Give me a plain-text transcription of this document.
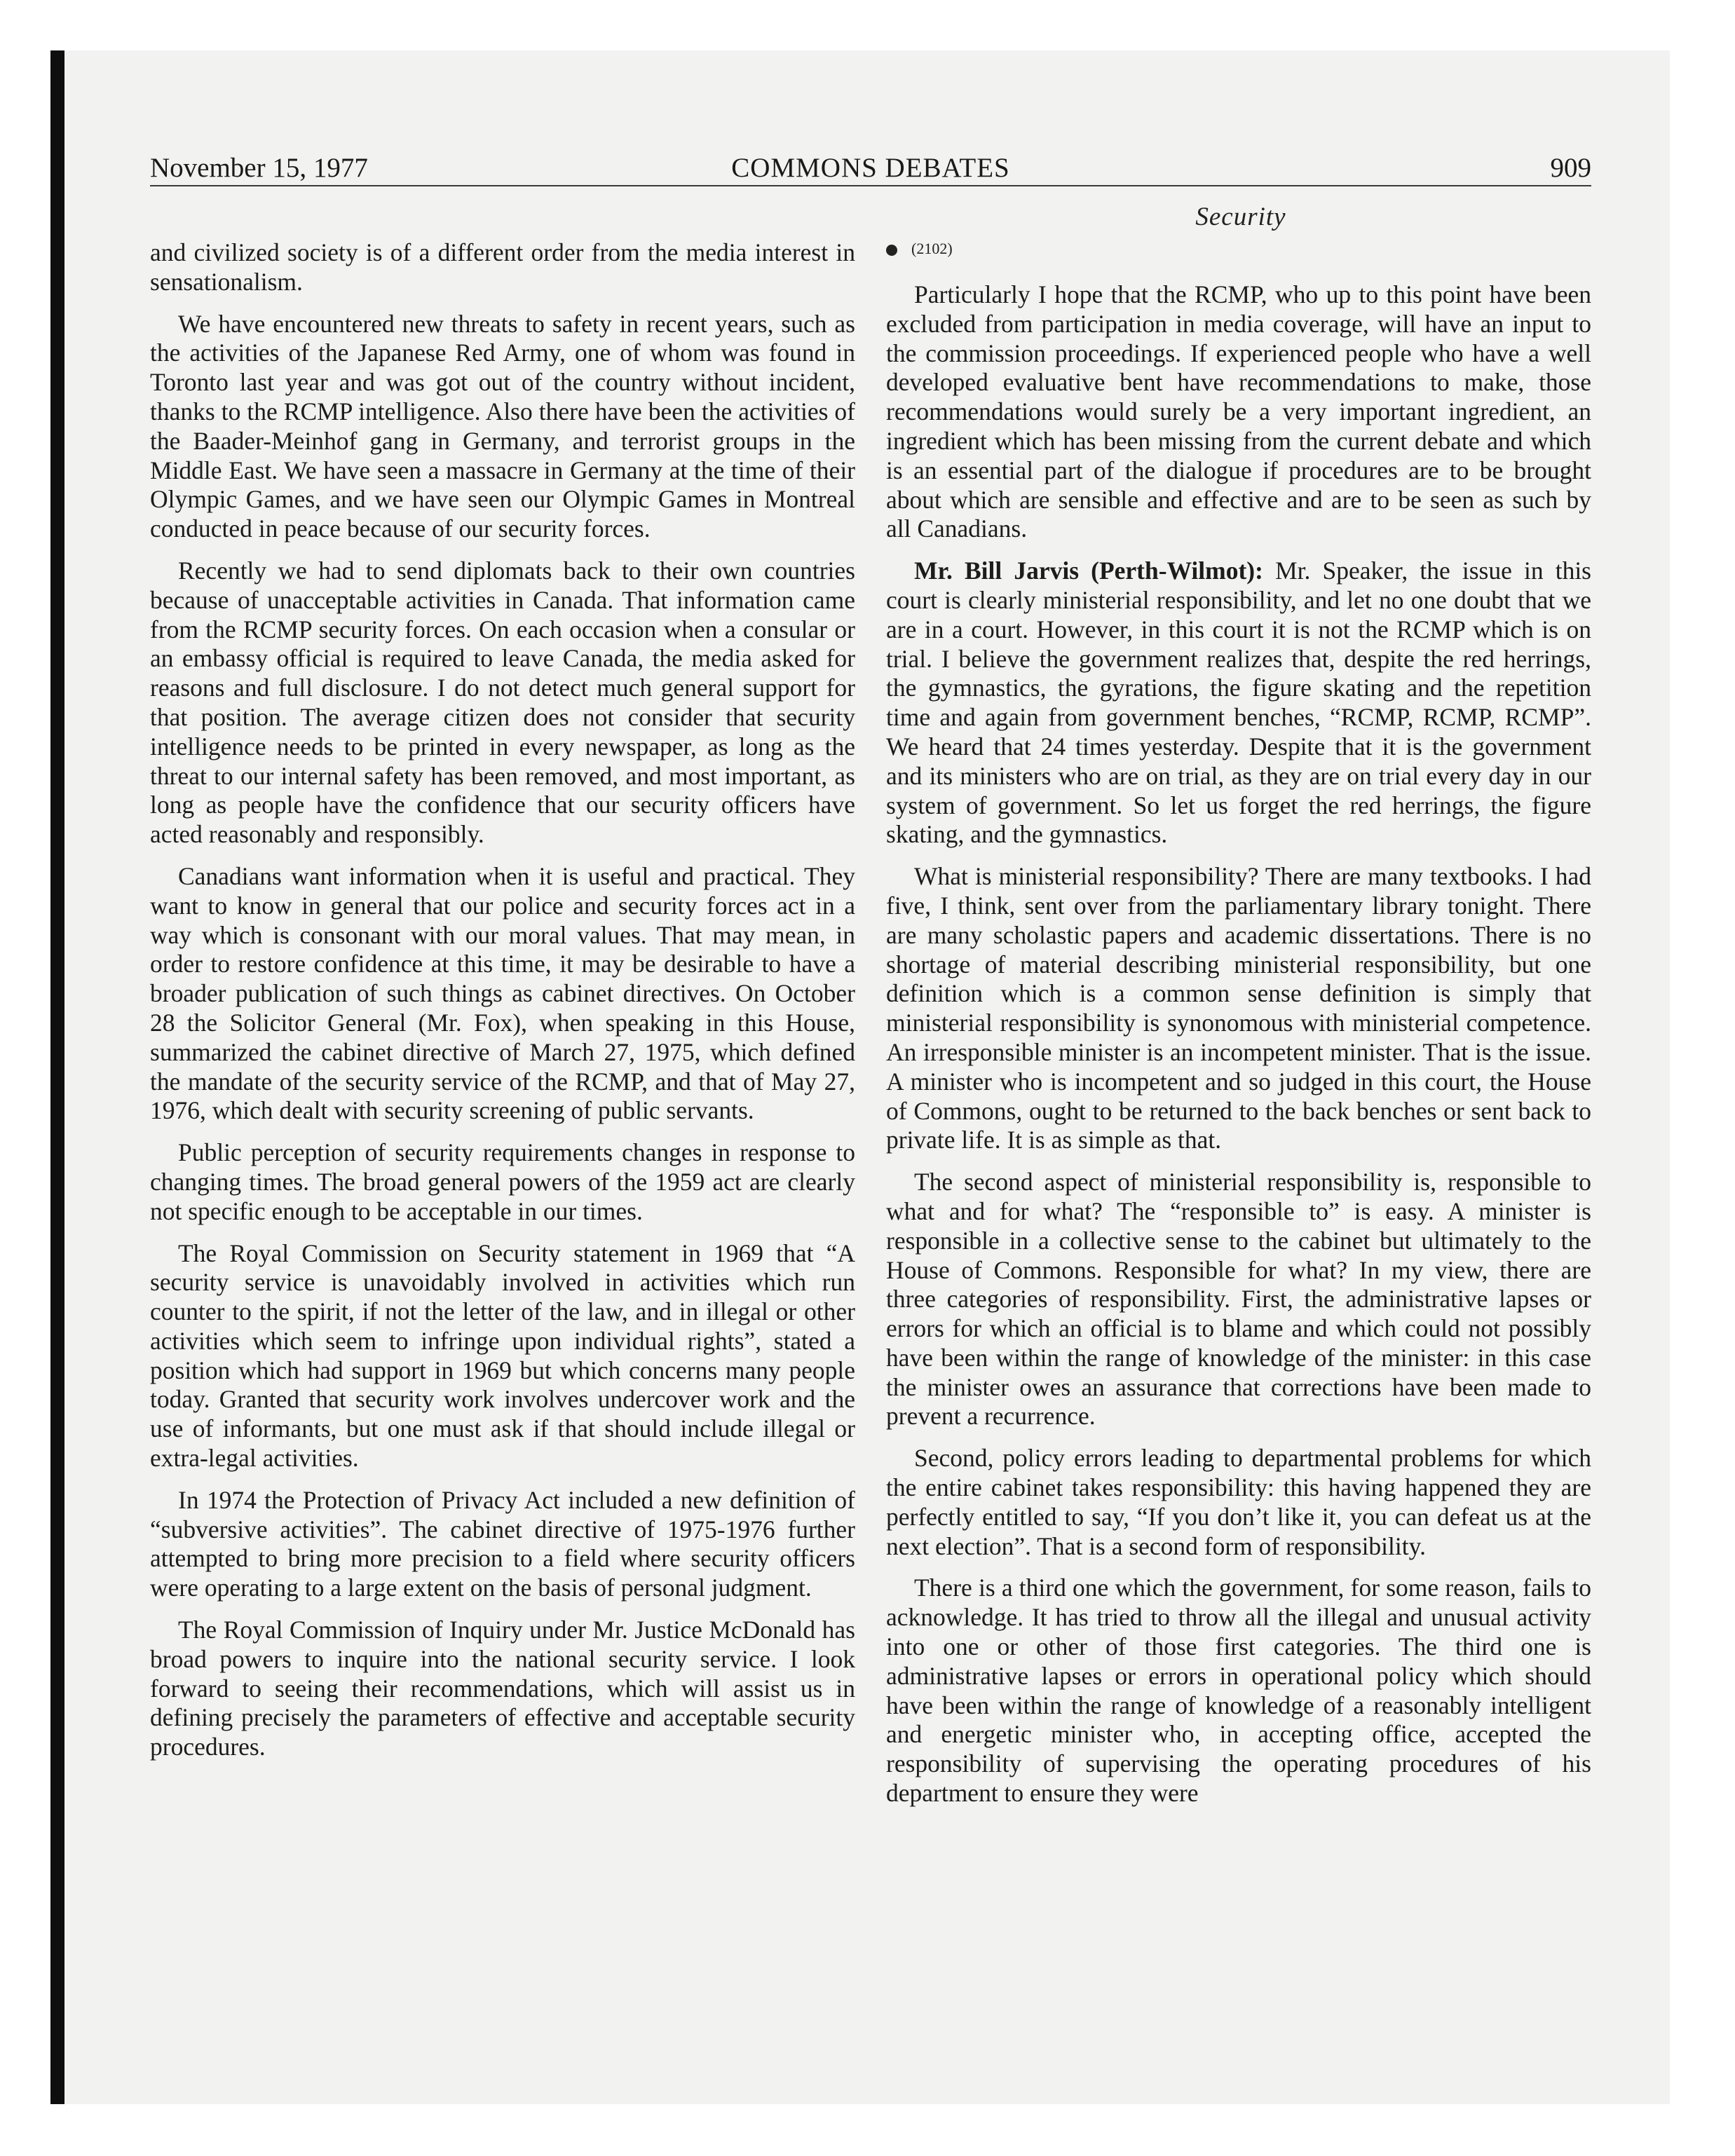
November 15, 1977	COMMONS DEBATES	909
Security

and civilized society is of a different order from the media interest in sensationalism.

We have encountered new threats to safety in recent years, such as the activities of the Japanese Red Army, one of whom was found in Toronto last year and was got out of the country without incident, thanks to the RCMP intelligence. Also there have been the activities of the Baader-Meinhof gang in Germany, and terrorist groups in the Middle East. We have seen a massacre in Germany at the time of their Olympic Games, and we have seen our Olympic Games in Montreal conducted in peace because of our security forces.

Recently we had to send diplomats back to their own countries because of unacceptable activities in Canada. That information came from the RCMP security forces. On each occasion when a consular or an embassy official is required to leave Canada, the media asked for reasons and full disclosure. I do not detect much general support for that position. The average citizen does not consider that security intelligence needs to be printed in every newspaper, as long as the threat to our internal safety has been removed, and most important, as long as people have the confidence that our security officers have acted reasonably and responsibly.

Canadians want information when it is useful and practical. They want to know in general that our police and security forces act in a way which is consonant with our moral values. That may mean, in order to restore confidence at this time, it may be desirable to have a broader publication of such things as cabinet directives. On October 28 the Solicitor General (Mr. Fox), when speaking in this House, summarized the cabinet directive of March 27, 1975, which defined the mandate of the security service of the RCMP, and that of May 27, 1976, which dealt with security screening of public servants.

Public perception of security requirements changes in response to changing times. The broad general powers of the 1959 act are clearly not specific enough to be acceptable in our times.

The Royal Commission on Security statement in 1969 that “A security service is unavoidably involved in activities which run counter to the spirit, if not the letter of the law, and in illegal or other activities which seem to infringe upon individual rights”, stated a position which had support in 1969 but which concerns many people today. Granted that security work involves undercover work and the use of informants, but one must ask if that should include illegal or extra-legal activities.

In 1974 the Protection of Privacy Act included a new definition of “subversive activities”. The cabinet directive of 1975-1976 further attempted to bring more precision to a field where security officers were operating to a large extent on the basis of personal judgment.

The Royal Commission of Inquiry under Mr. Justice McDonald has broad powers to inquire into the national security service. I look forward to seeing their recommendations, which will assist us in defining precisely the parameters of effective and acceptable security procedures.

(2102)

Particularly I hope that the RCMP, who up to this point have been excluded from participation in media coverage, will have an input to the commission proceedings. If experienced people who have a well developed evaluative bent have recommendations to make, those recommendations would surely be a very important ingredient, an ingredient which has been missing from the current debate and which is an essential part of the dialogue if procedures are to be brought about which are sensible and effective and are to be seen as such by all Canadians.

Mr. Bill Jarvis (Perth-Wilmot): Mr. Speaker, the issue in this court is clearly ministerial responsibility, and let no one doubt that we are in a court. However, in this court it is not the RCMP which is on trial. I believe the government realizes that, despite the red herrings, the gymnastics, the gyrations, the figure skating and the repetition time and again from government benches, “RCMP, RCMP, RCMP”. We heard that 24 times yesterday. Despite that it is the government and its ministers who are on trial, as they are on trial every day in our system of government. So let us forget the red herrings, the figure skating, and the gymnastics.

What is ministerial responsibility? There are many textbooks. I had five, I think, sent over from the parliamentary library tonight. There are many scholastic papers and academic dissertations. There is no shortage of material describing ministerial responsibility, but one definition which is a common sense definition is simply that ministerial responsibility is synonomous with ministerial competence. An irresponsible minister is an incompetent minister. That is the issue. A minister who is incompetent and so judged in this court, the House of Commons, ought to be returned to the back benches or sent back to private life. It is as simple as that.

The second aspect of ministerial responsibility is, responsible to what and for what? The “responsible to” is easy. A minister is responsible in a collective sense to the cabinet but ultimately to the House of Commons. Responsible for what? In my view, there are three categories of responsibility. First, the administrative lapses or errors for which an official is to blame and which could not possibly have been within the range of knowledge of the minister: in this case the minister owes an assurance that corrections have been made to prevent a recurrence.

Second, policy errors leading to departmental problems for which the entire cabinet takes responsibility: this having happened they are perfectly entitled to say, “If you don’t like it, you can defeat us at the next election”. That is a second form of responsibility.

There is a third one which the government, for some reason, fails to acknowledge. It has tried to throw all the illegal and unusual activity into one or other of those first categories. The third one is administrative lapses or errors in operational policy which should have been within the range of knowledge of a reasonably intelligent and energetic minister who, in accepting office, accepted the responsibility of supervising the operating procedures of his department to ensure they were
